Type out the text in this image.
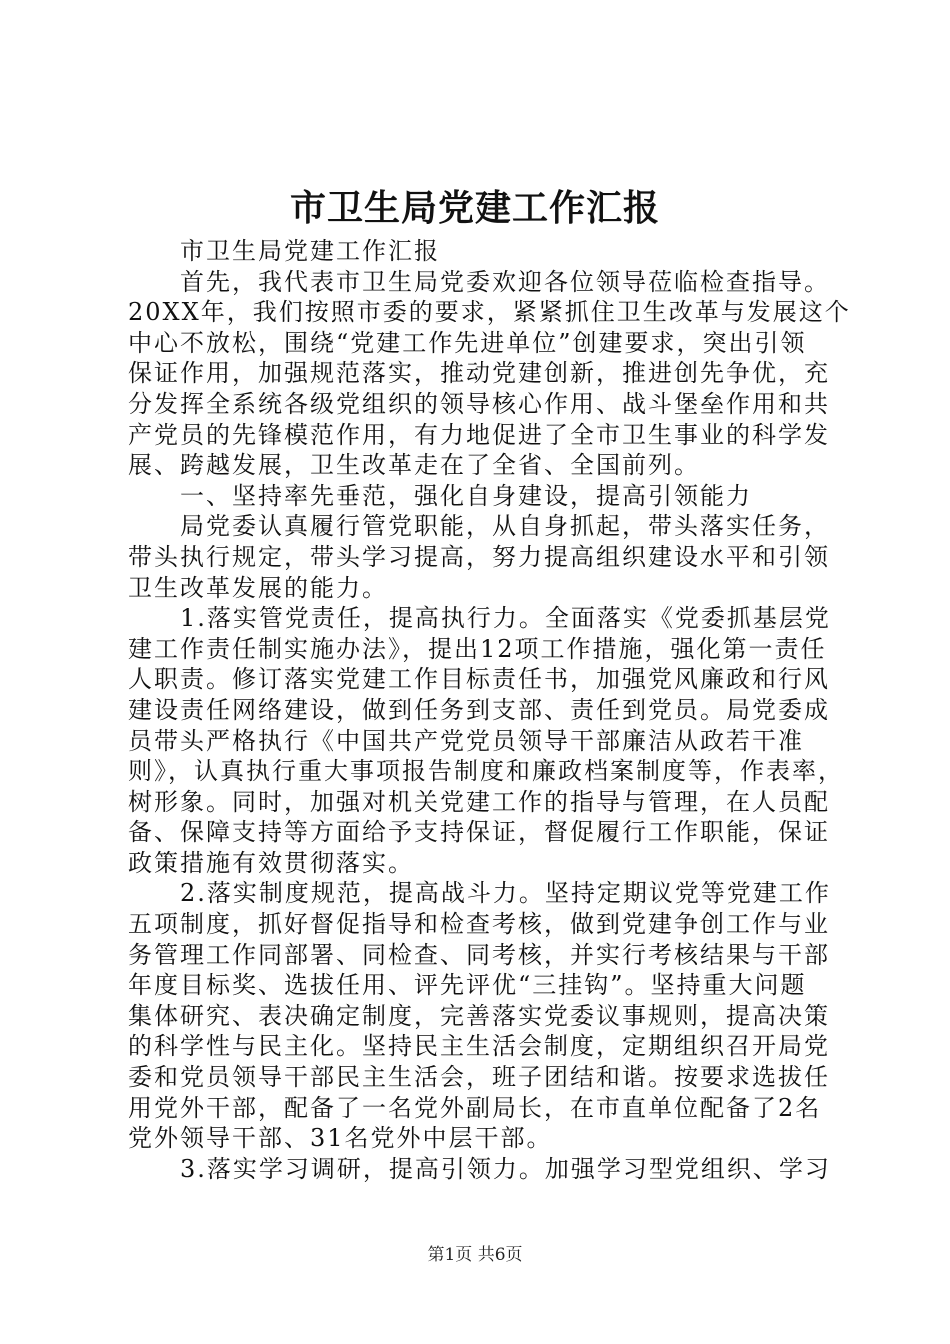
市卫生局党建工作汇报
市卫生局党建工作汇报
首先，我代表市卫生局党委欢迎各位领导莅临检查指导。
20XX年，我们按照市委的要求，紧紧抓住卫生改革与发展这个
中心不放松，围绕“党建工作先进单位”创建要求，突出引领
保证作用，加强规范落实，推动党建创新，推进创先争优，充
分发挥全系统各级党组织的领导核心作用、战斗堡垒作用和共
产党员的先锋模范作用，有力地促进了全市卫生事业的科学发
展、跨越发展，卫生改革走在了全省、全国前列。
一、坚持率先垂范，强化自身建设，提高引领能力
局党委认真履行管党职能，从自身抓起，带头落实任务，
带头执行规定，带头学习提高，努力提高组织建设水平和引领
卫生改革发展的能力。
1.落实管党责任，提高执行力。全面落实《党委抓基层党
建工作责任制实施办法》，提出12项工作措施，强化第一责任
人职责。修订落实党建工作目标责任书，加强党风廉政和行风
建设责任网络建设，做到任务到支部、责任到党员。局党委成
员带头严格执行《中国共产党党员领导干部廉洁从政若干准
则》，认真执行重大事项报告制度和廉政档案制度等，作表率，
树形象。同时，加强对机关党建工作的指导与管理，在人员配
备、保障支持等方面给予支持保证，督促履行工作职能，保证
政策措施有效贯彻落实。
2.落实制度规范，提高战斗力。坚持定期议党等党建工作
五项制度，抓好督促指导和检查考核，做到党建争创工作与业
务管理工作同部署、同检查、同考核，并实行考核结果与干部
年度目标奖、选拔任用、评先评优“三挂钩”。坚持重大问题
集体研究、表决确定制度，完善落实党委议事规则，提高决策
的科学性与民主化。坚持民主生活会制度，定期组织召开局党
委和党员领导干部民主生活会，班子团结和谐。按要求选拔任
用党外干部，配备了一名党外副局长，在市直单位配备了2名
党外领导干部、31名党外中层干部。
3.落实学习调研，提高引领力。加强学习型党组织、学习
第1页 共6页
